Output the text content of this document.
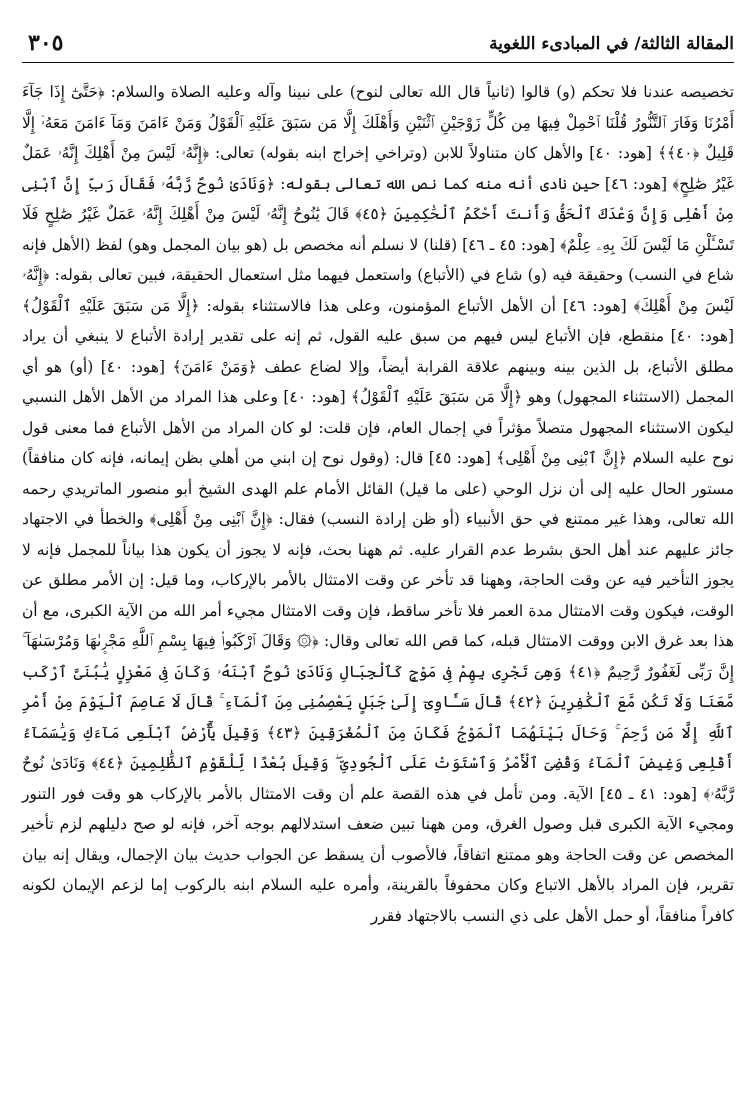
المقالة الثالثة/ في المبادىء اللغوية
٣٠٥
تخصيصه عندنا فلا تحكم (و) قالوا (ثانياً قال الله تعالى لنوح) على نبينا وآله وعليه الصلاة والسلام: ﴿حَتَّىٰٓ إِذَا جَآءَ أَمْرُنَا وَفَارَ ٱلتَّنُّورُ قُلْنَا ٱحْمِلْ فِيهَا مِن كُلٍّ زَوْجَيْنِ ٱثْنَيْنِ وَأَهْلَكَ إِلَّا مَن سَبَقَ عَلَيْهِ ٱلْقَوْلُ وَمَنْ ءَامَنَ وَمَآ ءَامَنَ مَعَهُۥٓ إِلَّا قَلِيلٌ ﴿٤٠﴾﴾ [هود: ٤٠] والأهل كان متناولاً للابن (وتراخي إخراج ابنه بقوله) تعالى: ﴿إِنَّهُۥ لَيْسَ مِنْ أَهْلِكَ إِنَّهُۥ عَمَلٌ غَيْرُ صَٰلِحٍ﴾ [هود: ٤٦] حين نادى أنه منه كما نص الله تعالى بقوله: ﴿وَنَادَىٰ نُوحٌ رَّبَّهُۥ فَقَالَ رَبِّ إِنَّ ٱبْنِى مِنْ أَهْلِى وَإِنَّ وَعْدَكَ ٱلْحَقُّ وَأَنتَ أَحْكَمُ ٱلْحَٰكِمِينَ ﴿٤٥﴾ قَالَ يَٰنُوحُ إِنَّهُۥ لَيْسَ مِنْ أَهْلِكَ إِنَّهُۥ عَمَلٌ غَيْرُ صَٰلِحٍ فَلَا تَسْـَٔلْنِ مَا لَيْسَ لَكَ بِهِۦ عِلْمٌ﴾ [هود: ٤٥ ـ ٤٦] (قلنا) لا نسلم أنه مخصص بل (هو بيان المجمل وهو) لفظ (الأهل فإنه شاع في النسب) وحقيقة فيه (و) شاع في (الأتباع) واستعمل فيهما مثل استعمال الحقيقة، فبين تعالى بقوله: ﴿إِنَّهُۥ لَيْسَ مِنْ أَهْلِكَ﴾ [هود: ٤٦] أن الأهل الأتباع المؤمنون، وعلى هذا فالاستثناء بقوله: ﴿إِلَّا مَن سَبَقَ عَلَيْهِ ٱلْقَوْلُ﴾ [هود: ٤٠] منقطع، فإن الأتباع ليس فيهم من سبق عليه القول، ثم إنه على تقدير إرادة الأتباع لا ينبغي أن يراد مطلق الأتباع، بل الذين بينه وبينهم علاقة القرابة أيضاً، وإلا لضاع عطف ﴿وَمَنْ ءَامَنَ﴾ [هود: ٤٠] (أو) هو أي المجمل (الاستثناء المجهول) وهو ﴿إِلَّا مَن سَبَقَ عَلَيْهِ ٱلْقَوْلُ﴾ [هود: ٤٠] وعلى هذا المراد من الأهل الأهل النسبي ليكون الاستثناء المجهول متصلاً مؤثراً في إجمال العام، فإن قلت: لو كان المراد من الأهل الأتباع فما معنى قول نوح عليه السلام ﴿إِنَّ ٱبْنِى مِنْ أَهْلِى﴾ [هود: ٤٥] قال: (وقول نوح إن ابني من أهلي بظن إيمانه، فإنه كان منافقاً) مستور الحال عليه إلى أن نزل الوحي (على ما قيل) القائل الأمام علم الهدى الشيخ أبو منصور الماتريدي رحمه الله تعالى، وهذا غير ممتنع في حق الأنبياء (أو ظن إرادة النسب) فقال: ﴿إِنَّ ٱبْنِى مِنْ أَهْلِى﴾ والخطأ في الاجتهاد جائز عليهم عند أهل الحق بشرط عدم القرار عليه. ثم ههنا بحث، فإنه لا يجوز أن يكون هذا بياناً للمجمل فإنه لا يجوز التأخير فيه عن وقت الحاجة، وههنا قد تأخر عن وقت الامتثال بالأمر بالإركاب، وما قيل: إن الأمر مطلق عن الوقت، فيكون وقت الامتثال مدة العمر فلا تأخر ساقط، فإن وقت الامتثال مجيء أمر الله من الآية الكبرى، مع أن هذا بعد غرق الابن ووقت الامتثال قبله، كما قص الله تعالى وقال: ﴿۞ وَقَالَ ٱرْكَبُوا۟ فِيهَا بِسْمِ ٱللَّهِ مَجْر۪ىٰهَا وَمُرْسَىٰهَآ ۚ إِنَّ رَبِّى لَغَفُورٌ رَّحِيمٌ ﴿٤١﴾ وَهِىَ تَجْرِى بِهِمْ فِى مَوْجٍ كَٱلْجِبَالِ وَنَادَىٰ نُوحٌ ٱبْنَهُۥ وَكَانَ فِى مَعْزِلٍ يَٰبُنَىَّ ٱرْكَب مَّعَنَا وَلَا تَكُن مَّعَ ٱلْكَٰفِرِينَ ﴿٤٢﴾ قَالَ سَـَٔاوِىٓ إِلَىٰ جَبَلٍ يَعْصِمُنِى مِنَ ٱلْمَآءِ ۚ قَالَ لَا عَاصِمَ ٱلْيَوْمَ مِنْ أَمْرِ ٱللَّهِ إِلَّا مَن رَّحِمَ ۚ وَحَالَ بَيْنَهُمَا ٱلْمَوْجُ فَكَانَ مِنَ ٱلْمُغْرَقِينَ ﴿٤٣﴾ وَقِيلَ يَٰٓأَرْضُ ٱبْلَعِى مَآءَكِ وَيَٰسَمَآءُ أَقْلِعِى وَغِيضَ ٱلْمَآءُ وَقُضِىَ ٱلْأَمْرُ وَٱسْتَوَتْ عَلَى ٱلْجُودِىِّ ۖ وَقِيلَ بُعْدًا لِّلْقَوْمِ ٱلظَّٰلِمِينَ ﴿٤٤﴾ وَنَادَىٰ نُوحٌ رَّبَّهُۥ﴾ [هود: ٤١ ـ ٤٥] الآية. ومن تأمل في هذه القصة علم أن وقت الامتثال بالأمر بالإركاب هو وقت فور التنور ومجيء الآية الكبرى قبل وصول الغرق، ومن ههنا تبين ضعف استدلالهم بوجه آخر، فإنه لو صح دليلهم لزم تأخير المخصص عن وقت الحاجة وهو ممتنع اتفاقاً، فالأصوب أن يسقط عن الجواب حديث بيان الإجمال، ويقال إنه بيان تقرير، فإن المراد بالأهل الاتباع وكان محفوفاً بالقرينة، وأمره عليه السلام ابنه بالركوب إما لزعم الإيمان لكونه كافراً منافقاً، أو حمل الأهل على ذي النسب بالاجتهاد فقرر
